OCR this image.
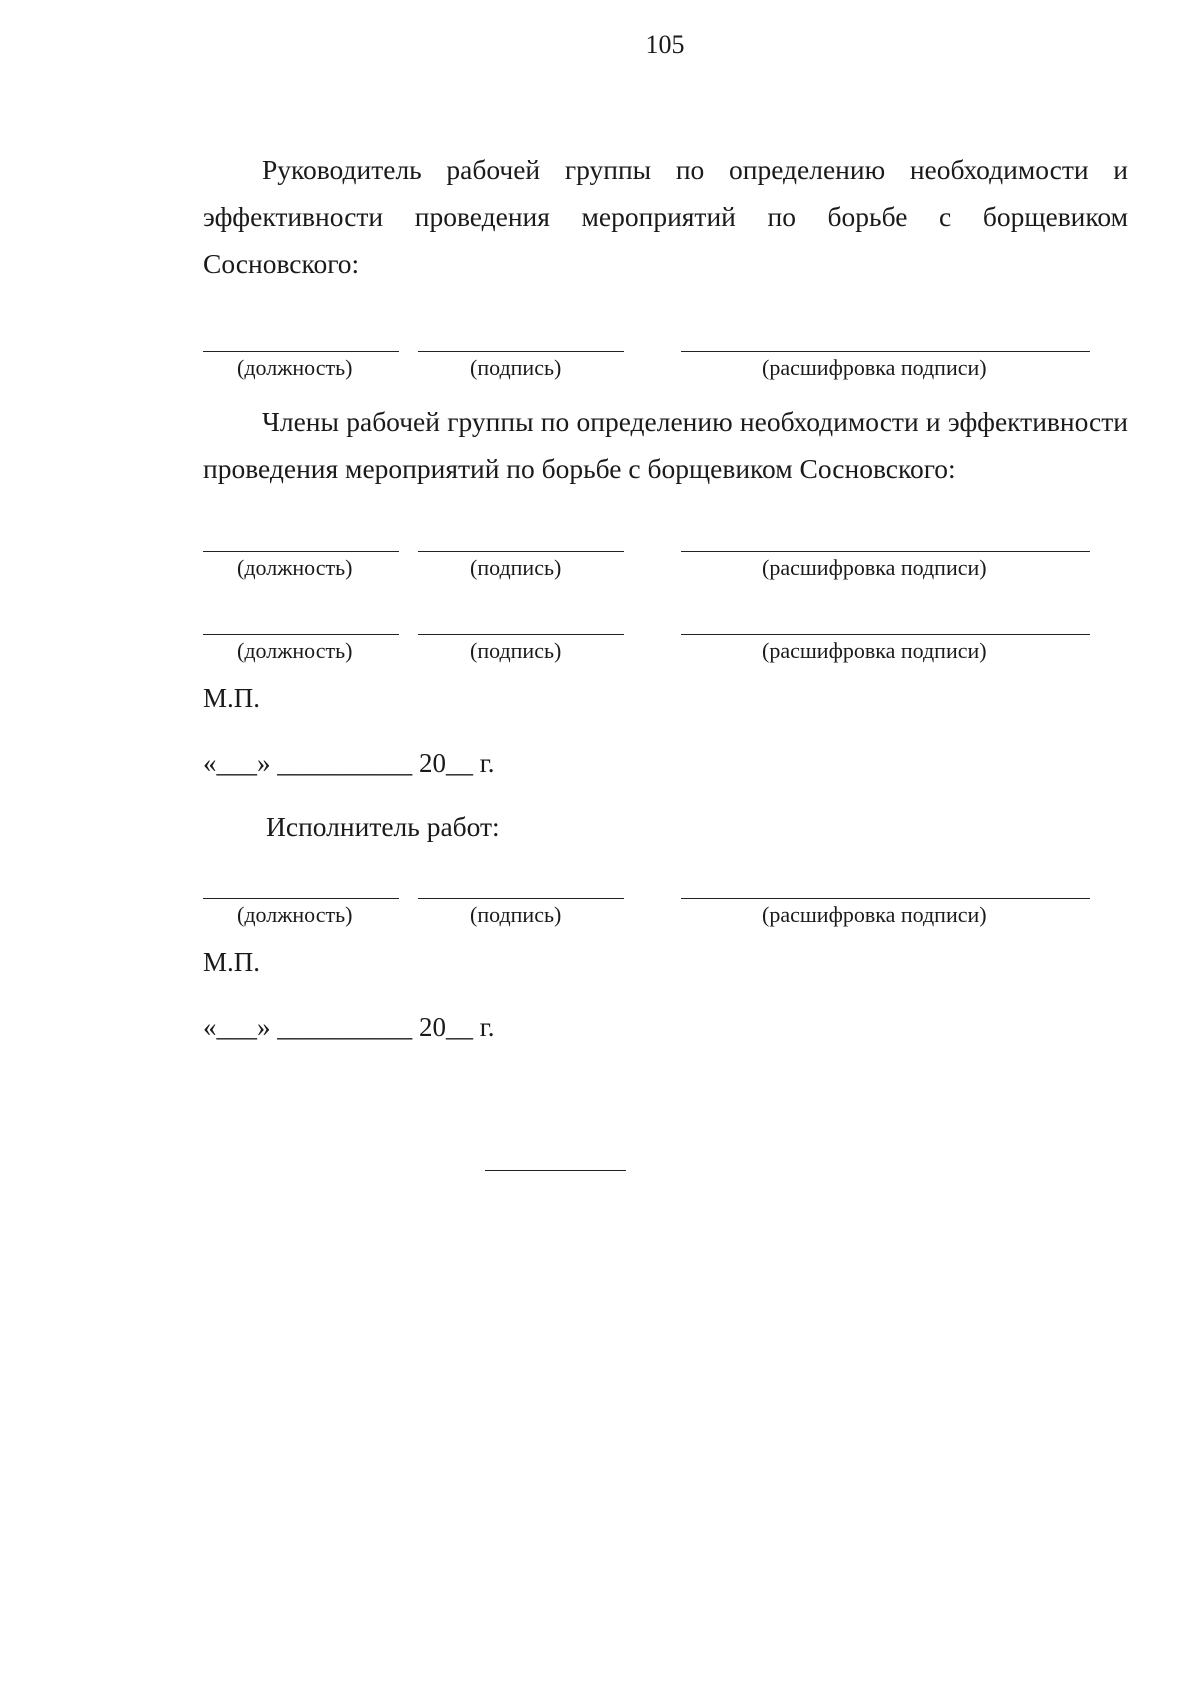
105
Руководитель рабочей группы по определению необходимости и эффективности проведения мероприятий по борьбе с борщевиком Сосновского:
(должность)	(подпись)	(расшифровка подписи)
Члены рабочей группы по определению необходимости и эффективности проведения мероприятий по борьбе с борщевиком Сосновского:
(должность)	(подпись)	(расшифровка подписи)
(должность)	(подпись)	(расшифровка подписи)
М.П.
«___» __________ 20__ г.
Исполнитель работ:
(должность)	(подпись)	(расшифровка подписи)
М.П.
«___» __________ 20__ г.
